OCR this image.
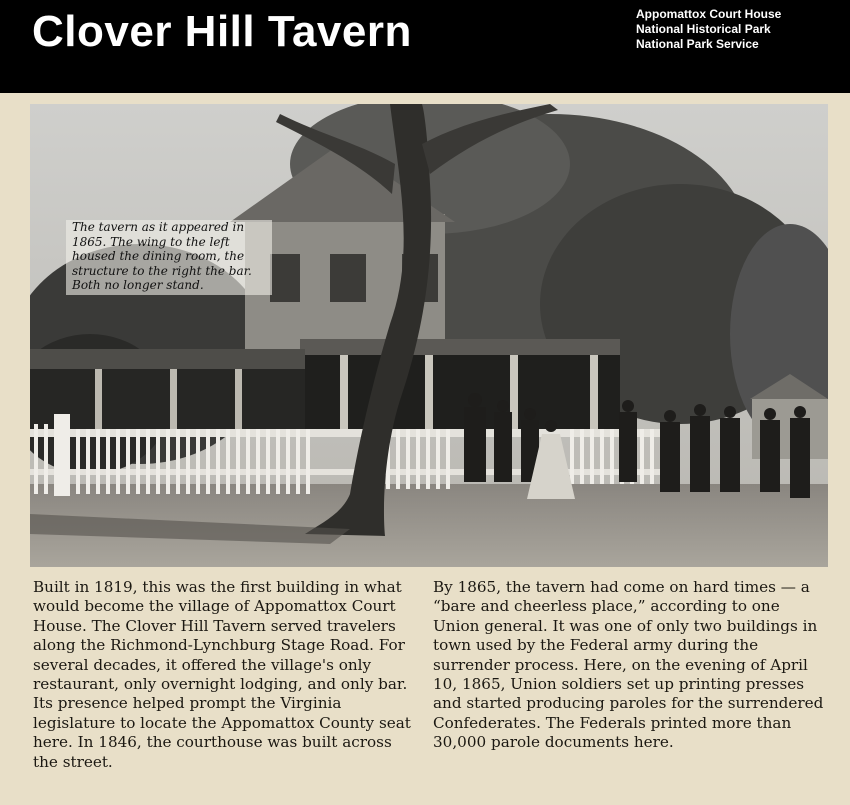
Clover Hill Tavern	Appomattox Court House
National Historical Park
National Park Service
The tavern as it appeared in 1865. The wing to the left housed the dining room, the structure to the right the bar. Both no longer stand.
Built in 1819, this was the first building in what would become the village of Appomattox Court House. The Clover Hill Tavern served travelers along the Richmond-Lynchburg Stage Road. For several decades, it offered the village's only restaurant, only overnight lodging, and only bar. Its presence helped prompt the Virginia legislature to locate the Appomattox County seat here. In 1846, the courthouse was built across the street.
By 1865, the tavern had come on hard times — a “bare and cheerless place,” according to one Union general. It was one of only two buildings in town used by the Federal army during the surrender process. Here, on the evening of April 10, 1865, Union soldiers set up printing presses and started producing paroles for the surrendered Confederates. The Federals printed more than 30,000 parole documents here.
